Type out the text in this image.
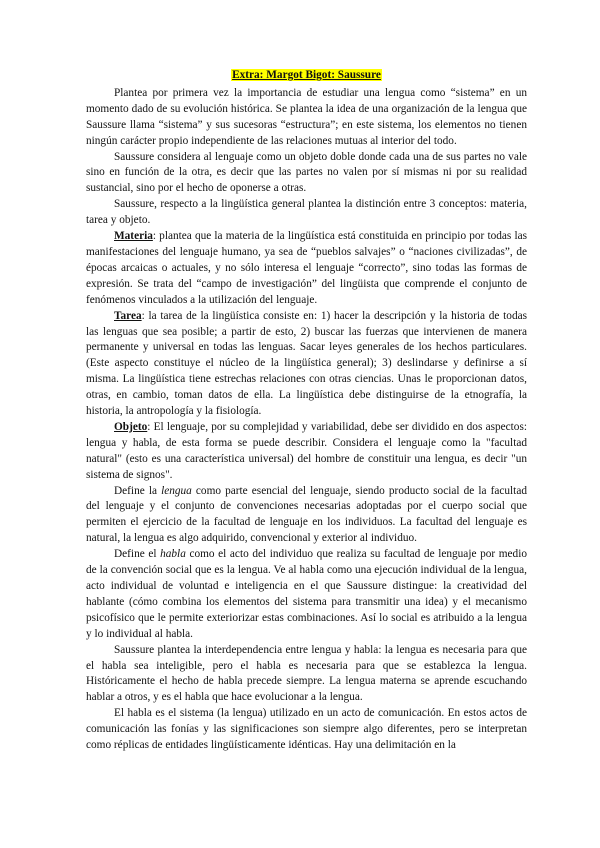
Extra: Margot Bigot: Saussure

Plantea por primera vez la importancia de estudiar una lengua como “sistema” en un momento dado de su evolución histórica. Se plantea la idea de una organización de la lengua que Saussure llama “sistema” y sus sucesoras “estructura”; en este sistema, los elementos no tienen ningún carácter propio independiente de las relaciones mutuas al interior del todo.

Saussure considera al lenguaje como un objeto doble donde cada una de sus partes no vale sino en función de la otra, es decir que las partes no valen por sí mismas ni por su realidad sustancial, sino por el hecho de oponerse a otras.

Saussure, respecto a la lingüística general plantea la distinción entre 3 conceptos: materia, tarea y objeto.

Materia: plantea que la materia de la lingüística está constituida en principio por todas las manifestaciones del lenguaje humano, ya sea de “pueblos salvajes” o “naciones civilizadas”, de épocas arcaicas o actuales, y no sólo interesa el lenguaje “correcto”, sino todas las formas de expresión. Se trata del “campo de investigación” del lingüista que comprende el conjunto de fenómenos vinculados a la utilización del lenguaje.

Tarea: la tarea de la lingüística consiste en: 1) hacer la descripción y la historia de todas las lenguas que sea posible; a partir de esto, 2) buscar las fuerzas que intervienen de manera permanente y universal en todas las lenguas. Sacar leyes generales de los hechos particulares. (Este aspecto constituye el núcleo de la lingüística general); 3) deslindarse y definirse a sí misma. La lingüística tiene estrechas relaciones con otras ciencias. Unas le proporcionan datos, otras, en cambio, toman datos de ella. La lingüística debe distinguirse de la etnografía, la historia, la antropología y la fisiología.

Objeto: El lenguaje, por su complejidad y variabilidad, debe ser dividido en dos aspectos: lengua y habla, de esta forma se puede describir. Considera el lenguaje como la "facultad natural" (esto es una característica universal) del hombre de constituir una lengua, es decir "un sistema de signos".

Define la lengua como parte esencial del lenguaje, siendo producto social de la facultad del lenguaje y el conjunto de convenciones necesarias adoptadas por el cuerpo social que permiten el ejercicio de la facultad de lenguaje en los individuos. La facultad del lenguaje es natural, la lengua es algo adquirido, convencional y exterior al individuo.

Define el habla como el acto del individuo que realiza su facultad de lenguaje por medio de la convención social que es la lengua. Ve al habla como una ejecución individual de la lengua, acto individual de voluntad e inteligencia en el que Saussure distingue: la creatividad del hablante (cómo combina los elementos del sistema para transmitir una idea) y el mecanismo psicofísico que le permite exteriorizar estas combinaciones. Así lo social es atribuido a la lengua y lo individual al habla.

Saussure plantea la interdependencia entre lengua y habla: la lengua es necesaria para que el habla sea inteligible, pero el habla es necesaria para que se establezca la lengua. Históricamente el hecho de habla precede siempre. La lengua materna se aprende escuchando hablar a otros, y es el habla que hace evolucionar a la lengua.

El habla es el sistema (la lengua) utilizado en un acto de comunicación. En estos actos de comunicación las fonías y las significaciones son siempre algo diferentes, pero se interpretan como réplicas de entidades lingüísticamente idénticas. Hay una delimitación en la
